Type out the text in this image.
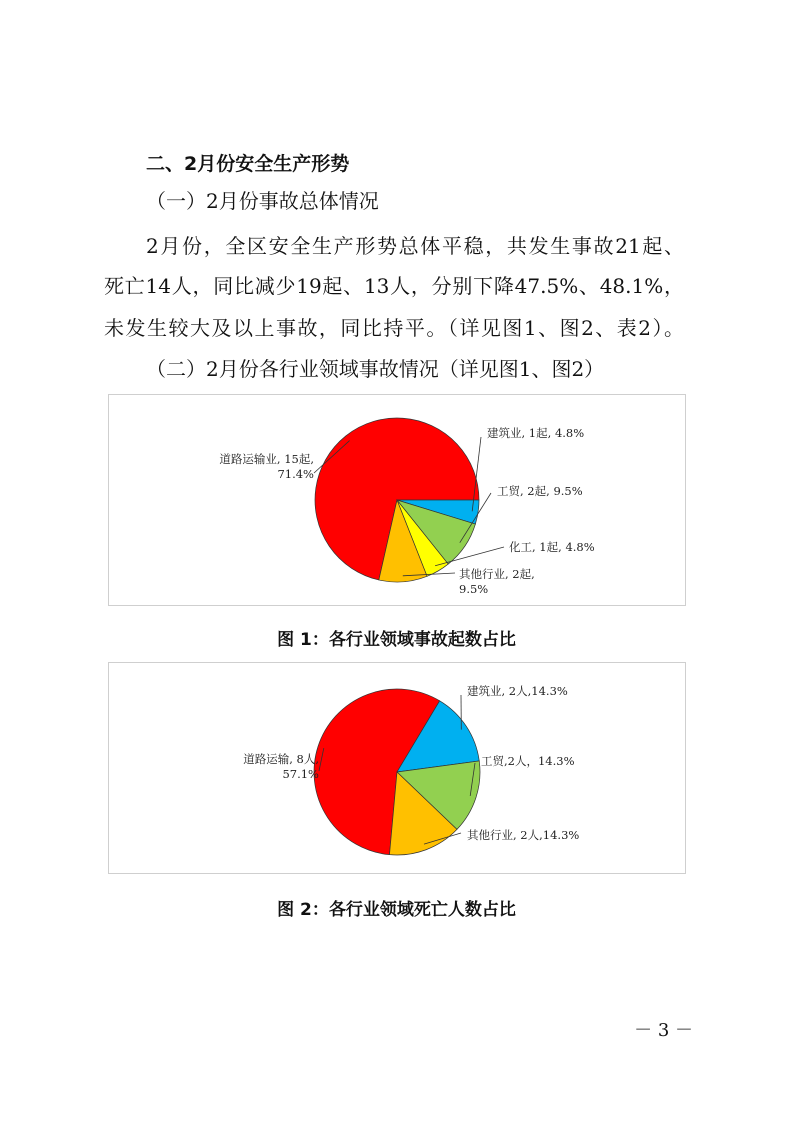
二、2月份安全生产形势
（一）2月份事故总体情况
2月份，全区安全生产形势总体平稳，共发生事故21起、
死亡14人，同比减少19起、13人，分别下降47.5%、48.1%，
未发生较大及以上事故，同比持平。（详见图1、图2、表2）。
（二）2月份各行业领域事故情况（详见图1、图2）
道路运输业, 15起, 71.4%
建筑业, 1起, 4.8%
工贸, 2起, 9.5%
化工, 1起, 4.8%
其他行业, 2起, 9.5%
图 1：各行业领域事故起数占比
道路运输, 8人, 57.1%
建筑业, 2人,14.3%
工贸,2人，14.3%
其他行业, 2人,14.3%
图 2：各行业领域死亡人数占比
－ 3 －
